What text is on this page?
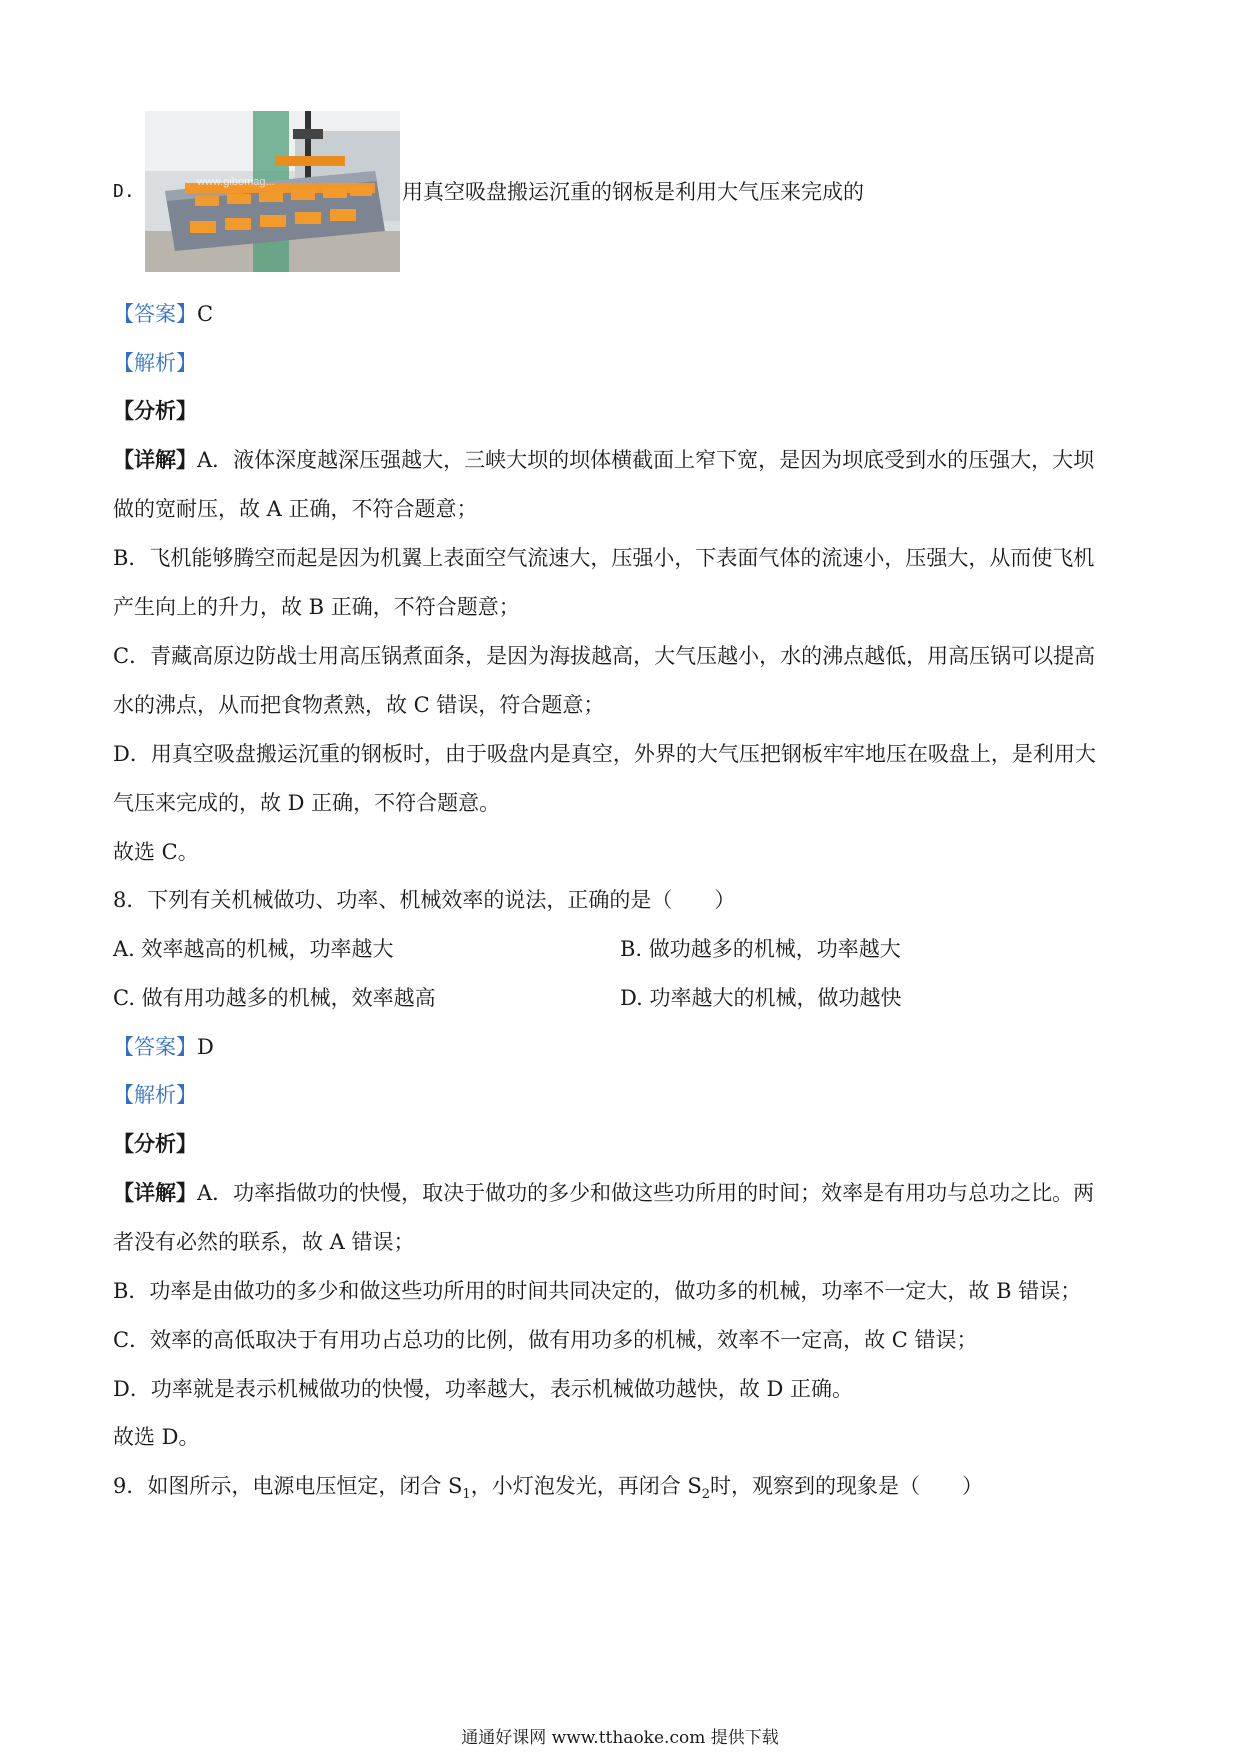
D.	www.gibomag...	用真空吸盘搬运沉重的钢板是利用大气压来完成的
【答案】C
【解析】
【分析】
【详解】A．液体深度越深压强越大，三峡大坝的坝体横截面上窄下宽，是因为坝底受到水的压强大，大坝
做的宽耐压，故 A 正确，不符合题意；
B．飞机能够腾空而起是因为机翼上表面空气流速大，压强小，下表面气体的流速小，压强大，从而使飞机
产生向上的升力，故 B 正确，不符合题意；
C．青藏高原边防战士用高压锅煮面条，是因为海拔越高，大气压越小，水的沸点越低，用高压锅可以提高
水的沸点，从而把食物煮熟，故 C 错误，符合题意；
D．用真空吸盘搬运沉重的钢板时，由于吸盘内是真空，外界的大气压把钢板牢牢地压在吸盘上，是利用大
气压来完成的，故 D 正确，不符合题意。
故选 C。
8．下列有关机械做功、功率、机械效率的说法，正确的是（　　）
A. 效率越高的机械，功率越大	B. 做功越多的机械，功率越大
C. 做有用功越多的机械，效率越高	D. 功率越大的机械，做功越快
【答案】D
【解析】
【分析】
【详解】A．功率指做功的快慢，取决于做功的多少和做这些功所用的时间；效率是有用功与总功之比。两
者没有必然的联系，故 A 错误；
B．功率是由做功的多少和做这些功所用的时间共同决定的，做功多的机械，功率不一定大，故 B 错误；
C．效率的高低取决于有用功占总功的比例，做有用功多的机械，效率不一定高，故 C 错误；
D．功率就是表示机械做功的快慢，功率越大，表示机械做功越快，故 D 正确。
故选 D。
9．如图所示，电源电压恒定，闭合 $S_1$，小灯泡发光，再闭合 $S_2$时，观察到的现象是（　　）
通通好课网 www.tthaoke.com 提供下载
